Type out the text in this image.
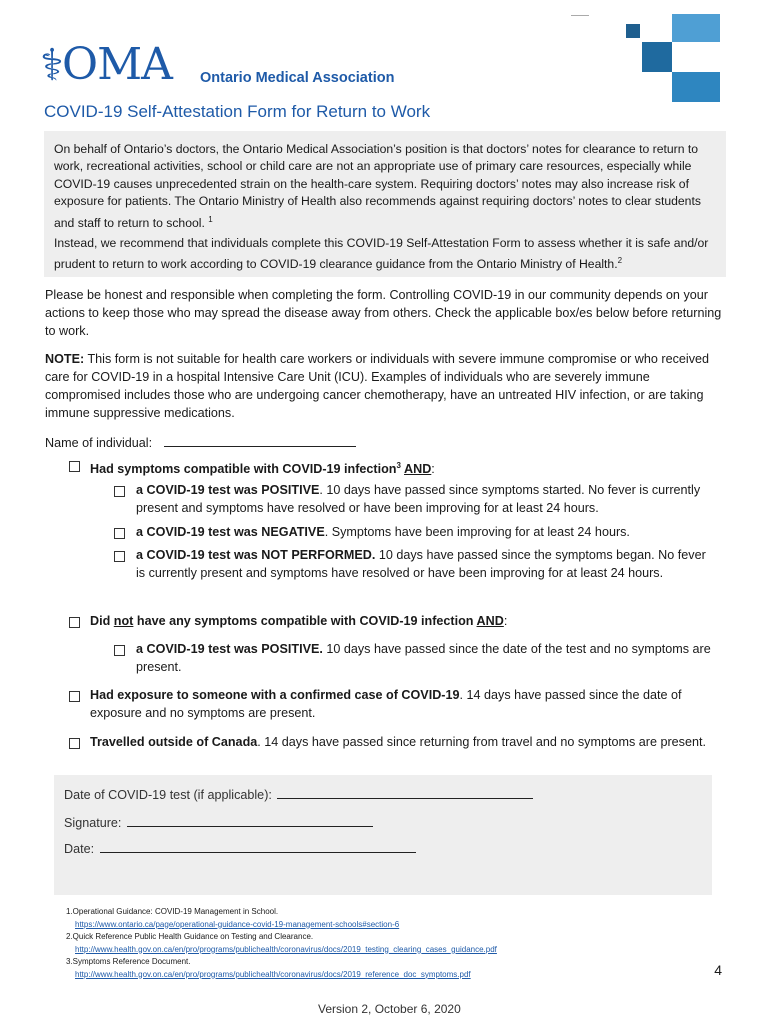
⚕
OMA Ontario Medical Association
COVID-19 Self-Attestation Form for Return to Work

On behalf of Ontario’s doctors, the Ontario Medical Association’s position is that doctors’ notes for clearance to return to work, recreational activities, school or child care are not an appropriate use of primary care resources, especially while COVID-19 causes unprecedented strain on the health-care system. Requiring doctors’ notes may also increase risk of exposure for patients. The Ontario Ministry of Health also recommends against requiring doctors’ notes to clear students and staff to return to school. $^1$

Instead, we recommend that individuals complete this COVID-19 Self-Attestation Form to assess whether it is safe and/or prudent to return to work according to COVID-19 clearance guidance from the Ontario Ministry of Health.$^2$

Please be honest and responsible when completing the form. Controlling COVID-19 in our community depends on your actions to keep those who may spread the disease away from others. Check the applicable box/es below before returning to work.

NOTE: This form is not suitable for health care workers or individuals with severe immune compromise or who received care for COVID-19 in a hospital Intensive Care Unit (ICU). Examples of individuals who are severely immune compromised includes those who are undergoing cancer chemotherapy, have an untreated HIV infection, or are taking immune suppressive medications.

Name of individual:

Had symptoms compatible with COVID-19 infection$^3$ AND:

a COVID-19 test was POSITIVE. 10 days have passed since symptoms started. No fever is currently present and symptoms have resolved or have been improving for at least 24 hours.

a COVID-19 test was NEGATIVE. Symptoms have been improving for at least 24 hours.

a COVID-19 test was NOT PERFORMED. 10 days have passed since the symptoms began. No fever is currently present and symptoms have resolved or have been improving for at least 24 hours.

Did not have any symptoms compatible with COVID-19 infection AND:

a COVID-19 test was POSITIVE. 10 days have passed since the date of the test and no symptoms are present.

Had exposure to someone with a confirmed case of COVID-19. 14 days have passed since the date of exposure and no symptoms are present.

Travelled outside of Canada. 14 days have passed since returning from travel and no symptoms are present.

Date of COVID-19 test (if applicable):
Signature:
Date:
1.Operational Guidance: COVID-19 Management in School.
https://www.ontario.ca/page/operational-guidance-covid-19-management-schools#section-6
2.Quick Reference Public Health Guidance on Testing and Clearance.
http://www.health.gov.on.ca/en/pro/programs/publichealth/coronavirus/docs/2019_testing_clearing_cases_guidance.pdf
3.Symptoms Reference Document.
http://www.health.gov.on.ca/en/pro/programs/publichealth/coronavirus/docs/2019_reference_doc_symptoms.pdf	4
Version 2, October 6, 2020
